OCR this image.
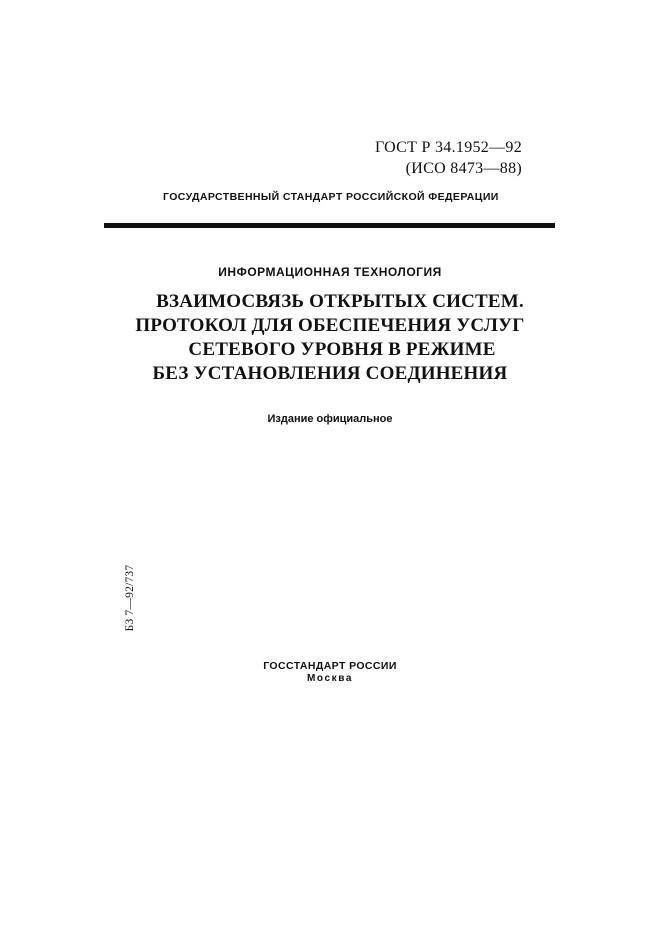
ГОСТ Р 34.1952—92
(ИСО 8473—88)
ГОСУДАРСТВЕННЫЙ СТАНДАРТ РОССИЙСКОЙ ФЕДЕРАЦИИ
ИНФОРМАЦИОННАЯ ТЕХНОЛОГИЯ
ВЗАИМОСВЯЗЬ ОТКРЫТЫХ СИСТЕМ.
ПРОТОКОЛ ДЛЯ ОБЕСПЕЧЕНИЯ УСЛУГ
СЕТЕВОГО УРОВНЯ В РЕЖИМЕ
БЕЗ УСТАНОВЛЕНИЯ СОЕДИНЕНИЯ
Издание официальное
БЗ 7—92/737
ГОССТАНДАРТ РОССИИ
Москва
